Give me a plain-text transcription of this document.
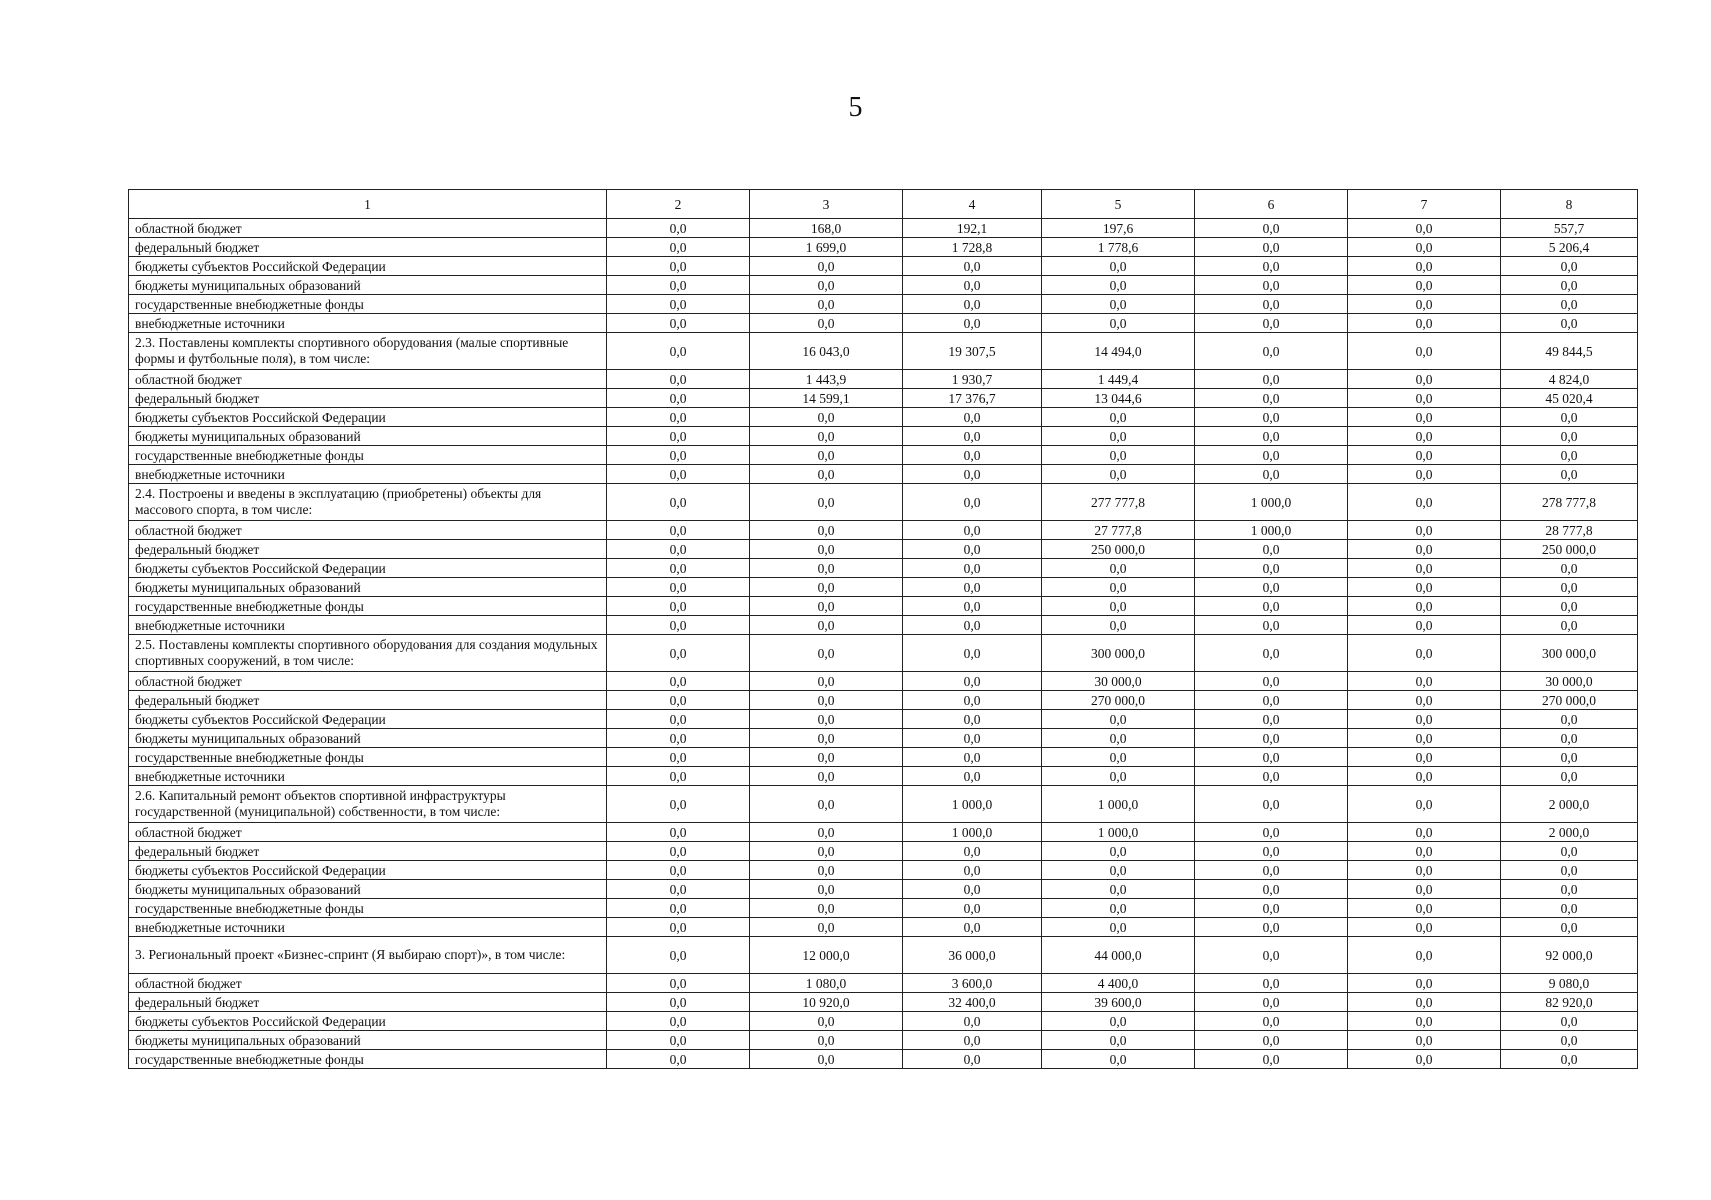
5
1	2	3	4	5	6	7	8
областной бюджет	0,0	168,0	192,1	197,6	0,0	0,0	557,7
федеральный бюджет	0,0	1 699,0	1 728,8	1 778,6	0,0	0,0	5 206,4
бюджеты субъектов Российской Федерации	0,0	0,0	0,0	0,0	0,0	0,0	0,0
бюджеты муниципальных образований	0,0	0,0	0,0	0,0	0,0	0,0	0,0
государственные внебюджетные фонды	0,0	0,0	0,0	0,0	0,0	0,0	0,0
внебюджетные источники	0,0	0,0	0,0	0,0	0,0	0,0	0,0
2.3. Поставлены комплекты спортивного оборудования (малые спортивные формы и футбольные поля), в том числе:	0,0	16 043,0	19 307,5	14 494,0	0,0	0,0	49 844,5
областной бюджет	0,0	1 443,9	1 930,7	1 449,4	0,0	0,0	4 824,0
федеральный бюджет	0,0	14 599,1	17 376,7	13 044,6	0,0	0,0	45 020,4
бюджеты субъектов Российской Федерации	0,0	0,0	0,0	0,0	0,0	0,0	0,0
бюджеты муниципальных образований	0,0	0,0	0,0	0,0	0,0	0,0	0,0
государственные внебюджетные фонды	0,0	0,0	0,0	0,0	0,0	0,0	0,0
внебюджетные источники	0,0	0,0	0,0	0,0	0,0	0,0	0,0
2.4. Построены и введены в эксплуатацию (приобретены) объекты для массового спорта, в том числе:	0,0	0,0	0,0	277 777,8	1 000,0	0,0	278 777,8
областной бюджет	0,0	0,0	0,0	27 777,8	1 000,0	0,0	28 777,8
федеральный бюджет	0,0	0,0	0,0	250 000,0	0,0	0,0	250 000,0
бюджеты субъектов Российской Федерации	0,0	0,0	0,0	0,0	0,0	0,0	0,0
бюджеты муниципальных образований	0,0	0,0	0,0	0,0	0,0	0,0	0,0
государственные внебюджетные фонды	0,0	0,0	0,0	0,0	0,0	0,0	0,0
внебюджетные источники	0,0	0,0	0,0	0,0	0,0	0,0	0,0
2.5. Поставлены комплекты спортивного оборудования для создания модульных спортивных сооружений, в том числе:	0,0	0,0	0,0	300 000,0	0,0	0,0	300 000,0
областной бюджет	0,0	0,0	0,0	30 000,0	0,0	0,0	30 000,0
федеральный бюджет	0,0	0,0	0,0	270 000,0	0,0	0,0	270 000,0
бюджеты субъектов Российской Федерации	0,0	0,0	0,0	0,0	0,0	0,0	0,0
бюджеты муниципальных образований	0,0	0,0	0,0	0,0	0,0	0,0	0,0
государственные внебюджетные фонды	0,0	0,0	0,0	0,0	0,0	0,0	0,0
внебюджетные источники	0,0	0,0	0,0	0,0	0,0	0,0	0,0
2.6. Капитальный ремонт объектов спортивной инфраструктуры государственной (муниципальной) собственности, в том числе:	0,0	0,0	1 000,0	1 000,0	0,0	0,0	2 000,0
областной бюджет	0,0	0,0	1 000,0	1 000,0	0,0	0,0	2 000,0
федеральный бюджет	0,0	0,0	0,0	0,0	0,0	0,0	0,0
бюджеты субъектов Российской Федерации	0,0	0,0	0,0	0,0	0,0	0,0	0,0
бюджеты муниципальных образований	0,0	0,0	0,0	0,0	0,0	0,0	0,0
государственные внебюджетные фонды	0,0	0,0	0,0	0,0	0,0	0,0	0,0
внебюджетные источники	0,0	0,0	0,0	0,0	0,0	0,0	0,0
3. Региональный проект «Бизнес-спринт (Я выбираю спорт)», в том числе:	0,0	12 000,0	36 000,0	44 000,0	0,0	0,0	92 000,0
областной бюджет	0,0	1 080,0	3 600,0	4 400,0	0,0	0,0	9 080,0
федеральный бюджет	0,0	10 920,0	32 400,0	39 600,0	0,0	0,0	82 920,0
бюджеты субъектов Российской Федерации	0,0	0,0	0,0	0,0	0,0	0,0	0,0
бюджеты муниципальных образований	0,0	0,0	0,0	0,0	0,0	0,0	0,0
государственные внебюджетные фонды	0,0	0,0	0,0	0,0	0,0	0,0	0,0
